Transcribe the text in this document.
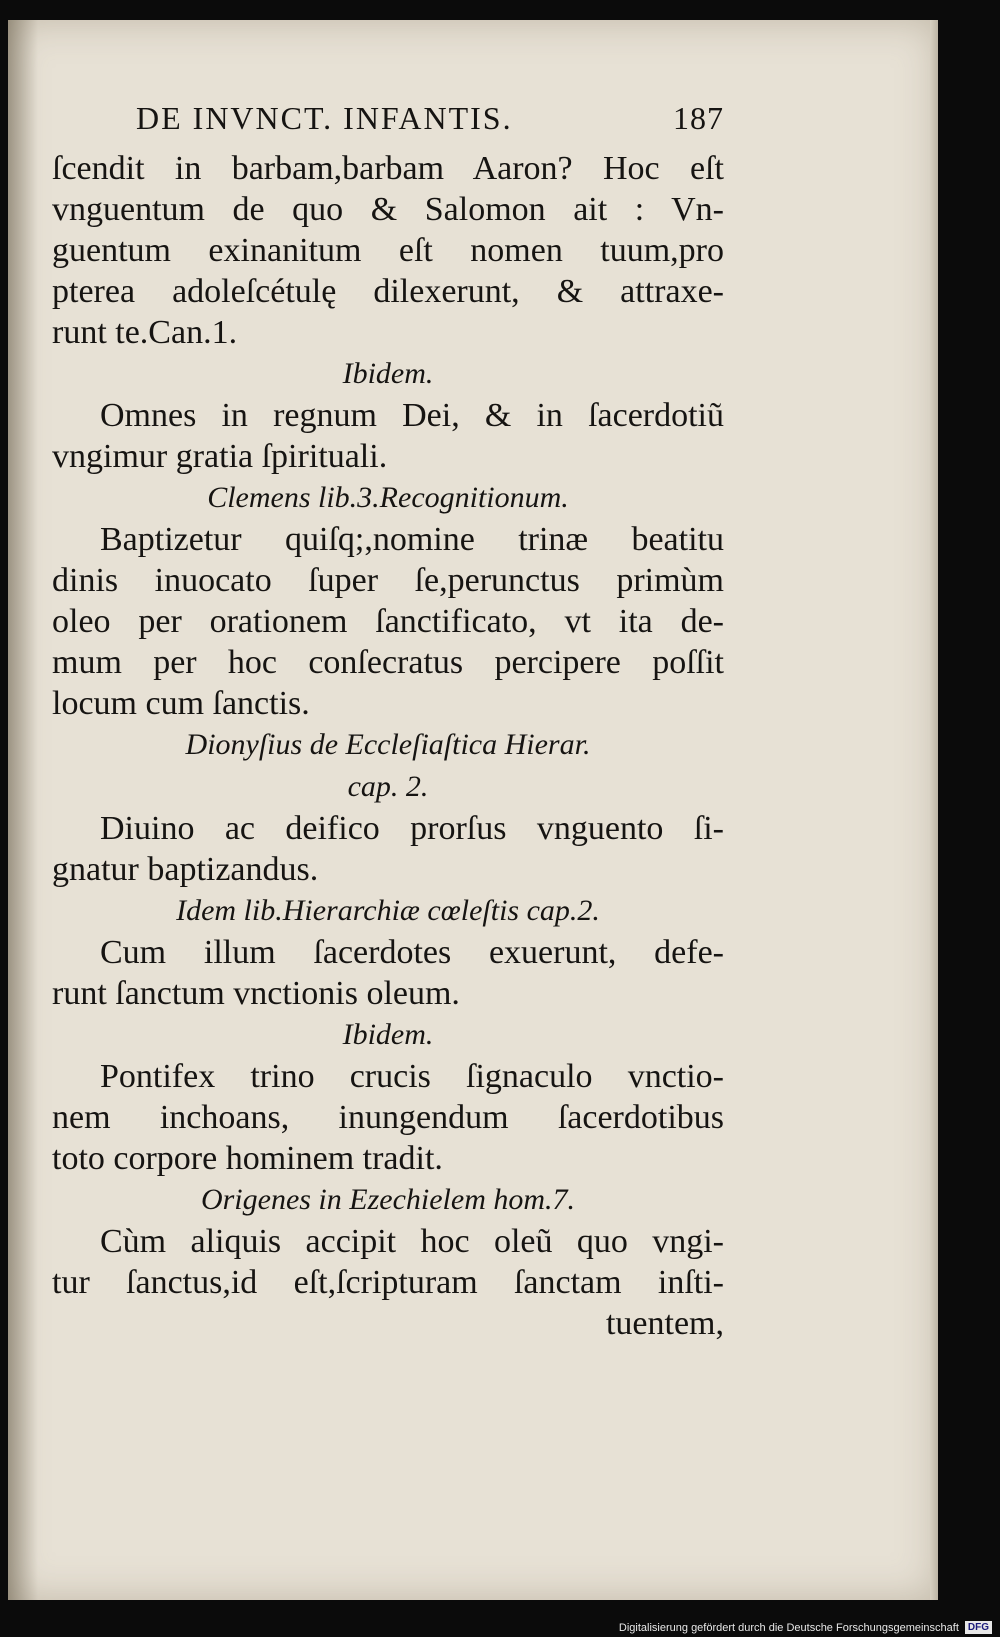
DE INVNCT. INFANTIS.	187
ſcendit in barbam,barbam Aaron? Hoc eſt
vnguentum de quo & Salomon ait : Vn-
guentum exinanitum eſt nomen tuum,pro
pterea adoleſcétulę dilexerunt, & attraxe-
runt te.Can.1.
Ibidem.
Omnes in regnum Dei, & in ſacerdotiũ
vngimur gratia ſpirituali.
Clemens lib.3.Recognitionum.
Baptizetur quiſq;,nomine trinæ beatitu
dinis inuocato ſuper ſe,perunctus primùm
oleo per orationem ſanctificato, vt ita de-
mum per hoc conſecratus percipere poſſit
locum cum ſanctis.
Dionyſius de Eccleſiaſtica Hierar.
cap. 2.
Diuino ac deifico prorſus vnguento ſi-
gnatur baptizandus.
Idem lib.Hierarchiæ cœleſtis cap.2.
Cum illum ſacerdotes exuerunt, defe-
runt ſanctum vnctionis oleum.
Ibidem.
Pontifex trino crucis ſignaculo vnctio-
nem inchoans, inungendum ſacerdotibus
toto corpore hominem tradit.
Origenes in Ezechielem hom.7.
Cùm aliquis accipit hoc oleũ quo vngi-
tur ſanctus,id eſt,ſcripturam ſanctam inſti-
tuentem,
Digitalisierung gefördert durch die Deutsche Forschungsgemeinschaft DFG
